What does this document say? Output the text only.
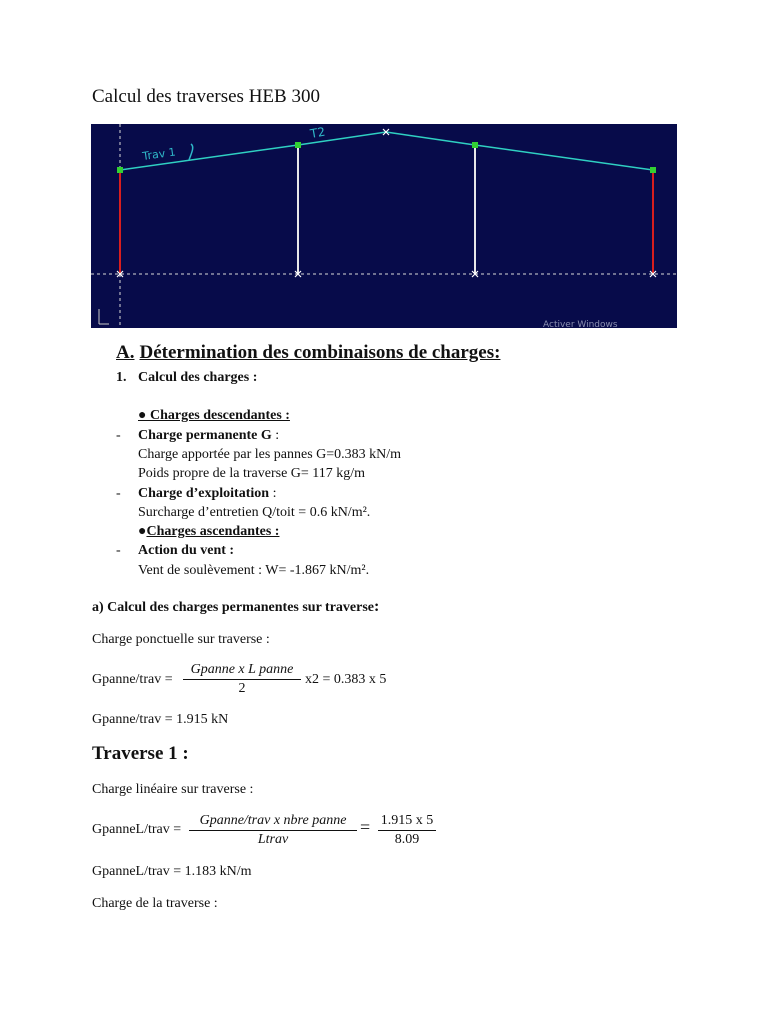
Calcul des traverses HEB 300
Trav 1
T2
Activer Windows
A. Détermination des combinaisons de charges:
1. Calcul des charges :
● Charges descendantes :
- Charge permanente G :
Charge apportée par les pannes G=0.383 kN/m
Poids propre de la traverse G= 117 kg/m
- Charge d’exploitation :
Surcharge d’entretien Q/toit = 0.6 kN/m².
●Charges ascendantes :
- Action du vent :
Vent de soulèvement : W= -1.867 kN/m².
a) Calcul des charges permanentes sur traverse:
Charge ponctuelle sur traverse :
Gpanne/trav =
Gpanne x L panne
2
x2 = 0.383 x 5
Gpanne/trav = 1.915 kN
Traverse 1 :
Charge linéaire sur traverse :
GpanneL/trav =
Gpanne/trav x nbre panne
Ltrav
= $\frac{1.915 x 5}{8.09}$
GpanneL/trav = 1.183 kN/m
Charge de la traverse :
